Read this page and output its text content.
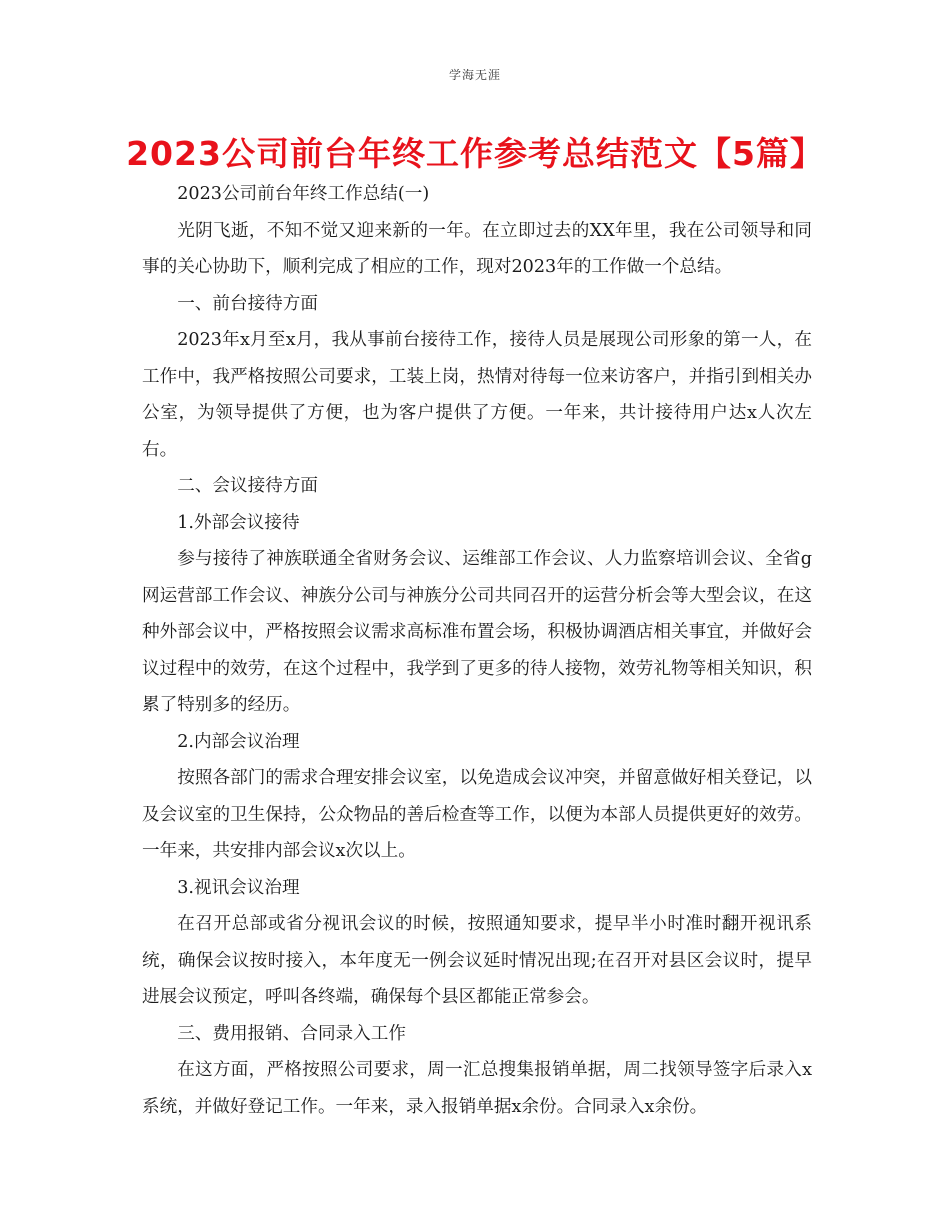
学海无涯
2023公司前台年终工作参考总结范文【5篇】

2023公司前台年终工作总结(一)

光阴飞逝，不知不觉又迎来新的一年。在立即过去的XX年里，我在公司领导和同事的关心协助下，顺利完成了相应的工作，现对2023年的工作做一个总结。

一、前台接待方面

2023年x月至x月，我从事前台接待工作，接待人员是展现公司形象的第一人，在工作中，我严格按照公司要求，工装上岗，热情对待每一位来访客户，并指引到相关办公室，为领导提供了方便，也为客户提供了方便。一年来，共计接待用户达x人次左右。

二、会议接待方面

1.外部会议接待

参与接待了神族联通全省财务会议、运维部工作会议、人力监察培训会议、全省g网运营部工作会议、神族分公司与神族分公司共同召开的运营分析会等大型会议，在这种外部会议中，严格按照会议需求高标准布置会场，积极协调酒店相关事宜，并做好会议过程中的效劳，在这个过程中，我学到了更多的待人接物，效劳礼物等相关知识，积累了特别多的经历。

2.内部会议治理

按照各部门的需求合理安排会议室，以免造成会议冲突，并留意做好相关登记，以及会议室的卫生保持，公众物品的善后检查等工作，以便为本部人员提供更好的效劳。一年来，共安排内部会议x次以上。

3.视讯会议治理

在召开总部或省分视讯会议的时候，按照通知要求，提早半小时准时翻开视讯系统，确保会议按时接入，本年度无一例会议延时情况出现;在召开对县区会议时，提早进展会议预定，呼叫各终端，确保每个县区都能正常参会。

三、费用报销、合同录入工作

在这方面，严格按照公司要求，周一汇总搜集报销单据，周二找领导签字后录入x系统，并做好登记工作。一年来，录入报销单据x余份。合同录入x余份。
